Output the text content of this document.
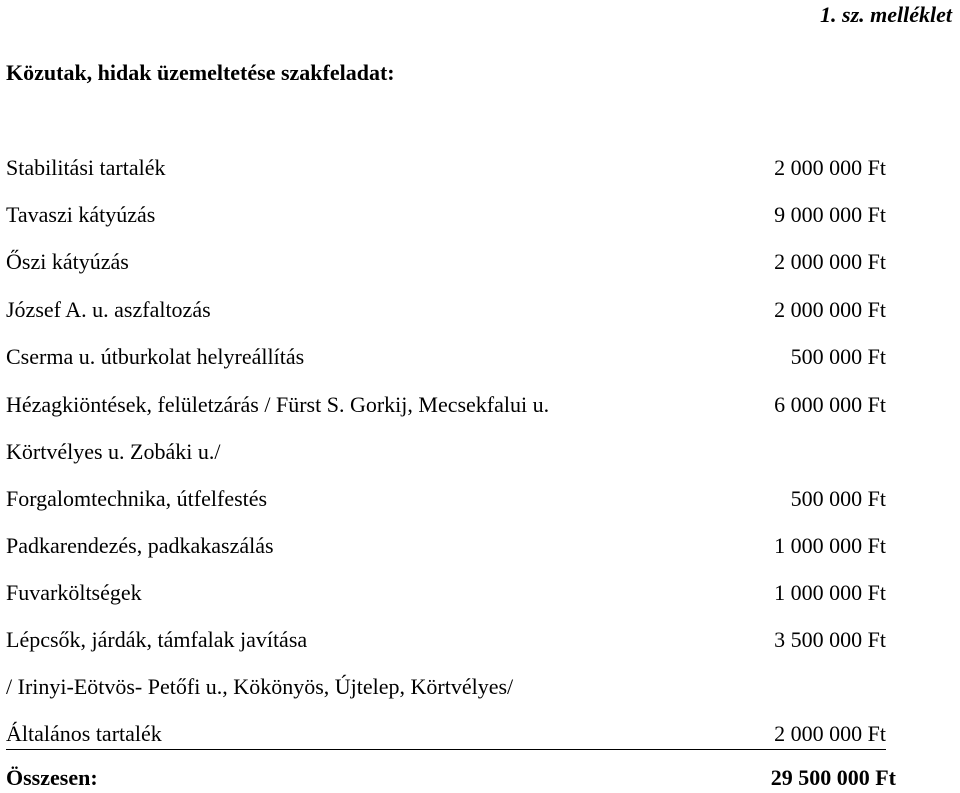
1. sz. melléklet
Közutak, hidak üzemeltetése szakfeladat:
Stabilitási tartalék	2 000 000 Ft
Tavaszi kátyúzás	9 000 000 Ft
Őszi kátyúzás	2 000 000 Ft
József A. u. aszfaltozás	2 000 000 Ft
Cserma u. útburkolat helyreállítás	500 000 Ft
Hézagkiöntések, felületzárás / Fürst S. Gorkij, Mecsekfalui u.	6 000 000 Ft
Körtvélyes u. Zobáki u./
Forgalomtechnika, útfelfestés	500 000 Ft
Padkarendezés, padkakaszálás	1 000 000 Ft
Fuvarköltségek	1 000 000 Ft
Lépcsők, járdák, támfalak javítása	3 500 000 Ft
/ Irinyi-Eötvös- Petőfi u., Kökönyös, Újtelep, Körtvélyes/
Általános tartalék	2 000 000 Ft
Összesen:	29 500 000 Ft
